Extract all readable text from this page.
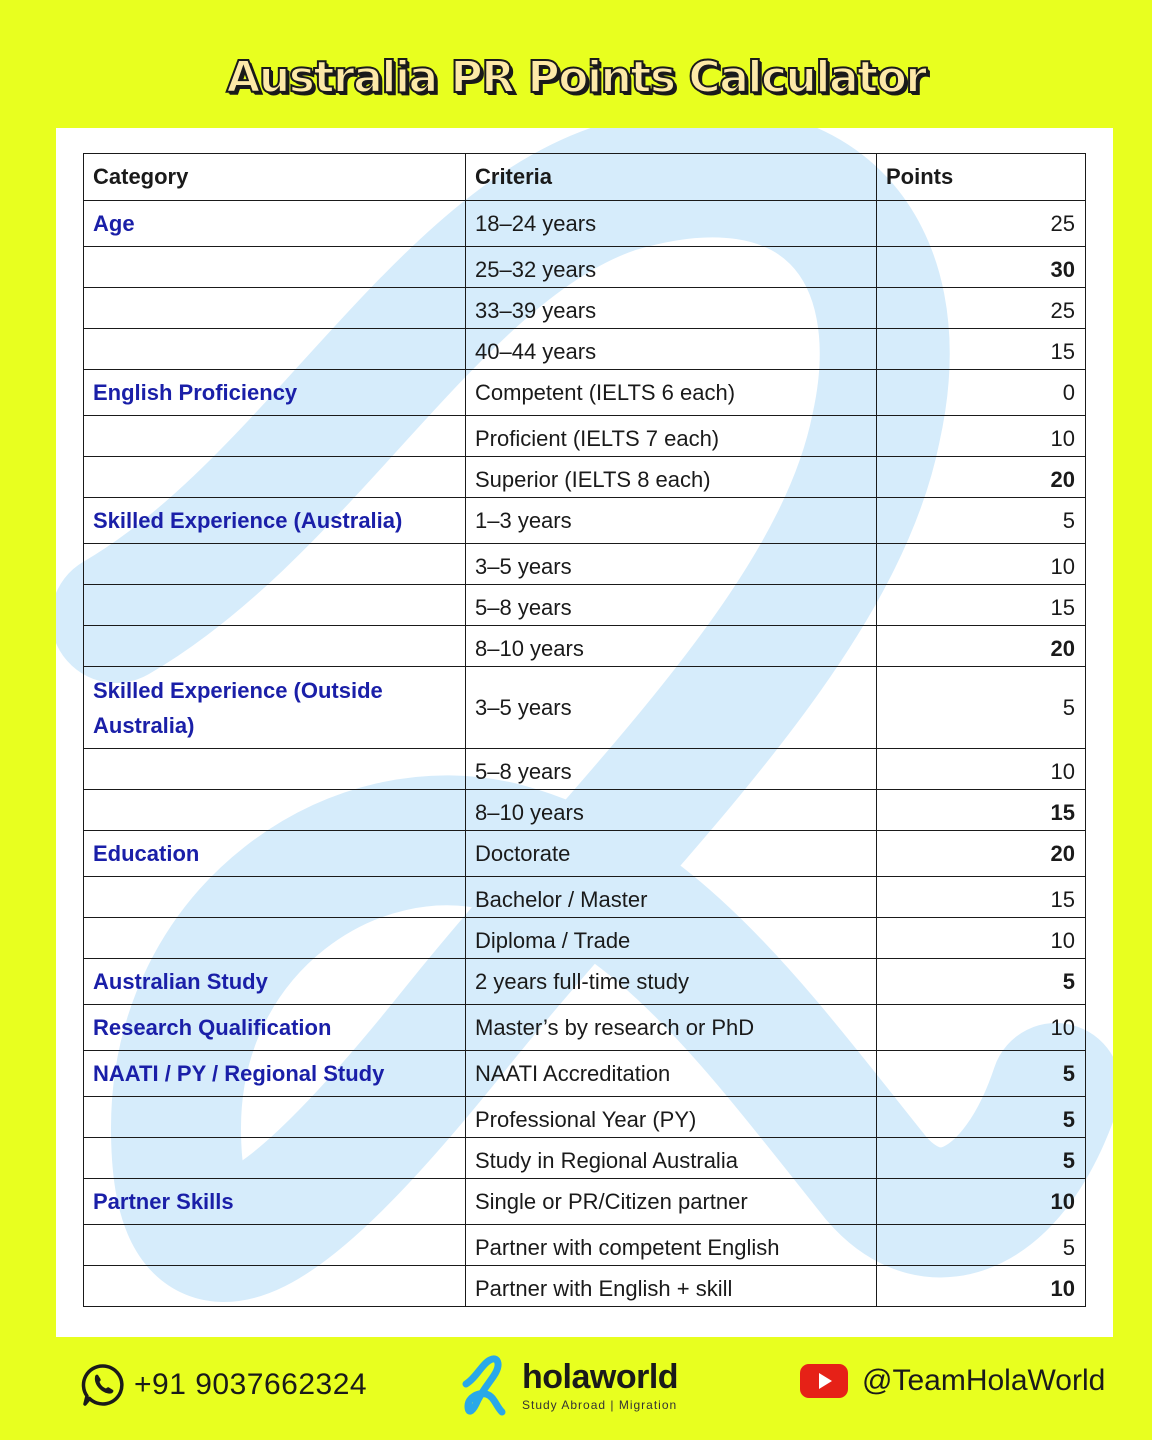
Australia PR Points Calculator
Category	Criteria	Points
Age	18–24 years	25
	25–32 years	30
	33–39 years	25
	40–44 years	15
English Proficiency	Competent (IELTS 6 each)	0
	Proficient (IELTS 7 each)	10
	Superior (IELTS 8 each)	20
Skilled Experience (Australia)	1–3 years	5
	3–5 years	10
	5–8 years	15
	8–10 years	20
Skilled Experience (Outside Australia)	3–5 years	5
	5–8 years	10
	8–10 years	15
Education	Doctorate	20
	Bachelor / Master	15
	Diploma / Trade	10
Australian Study	2 years full-time study	5
Research Qualification	Master’s by research or PhD	10
NAATI / PY / Regional Study	NAATI Accreditation	5
	Professional Year (PY)	5
	Study in Regional Australia	5
Partner Skills	Single or PR/Citizen partner	10
	Partner with competent English	5
	Partner with English + skill	10
+91 9037662324	holaworld
Study Abroad | Migration
@TeamHolaWorld
